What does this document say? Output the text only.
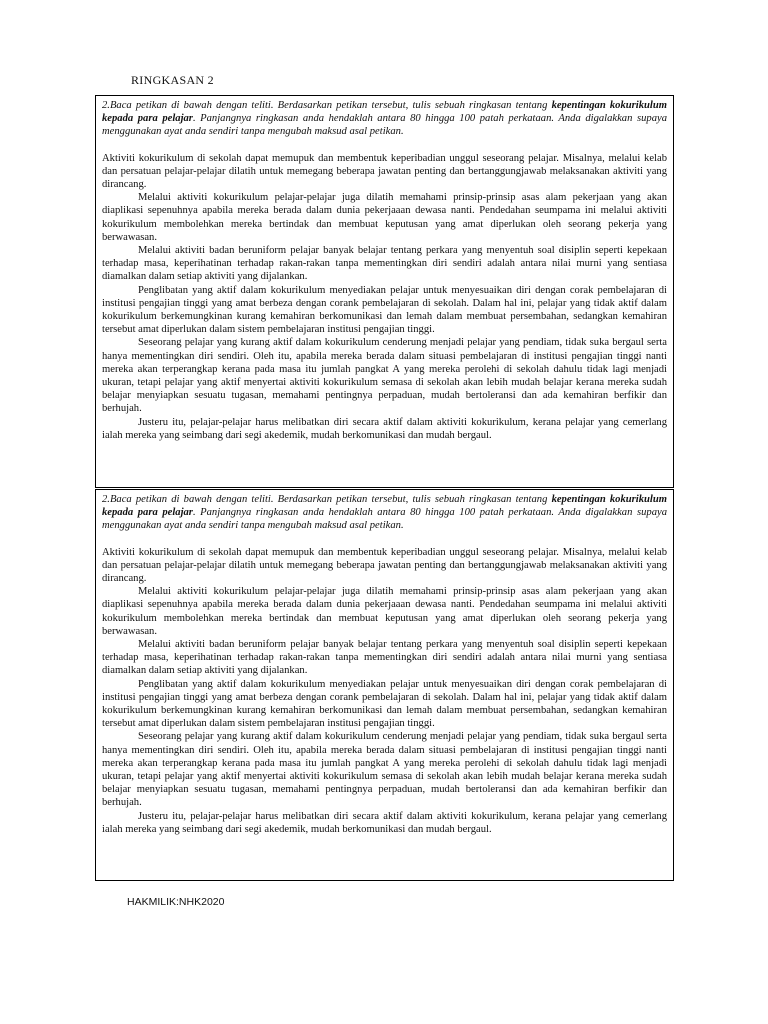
RINGKASAN 2

2.Baca petikan di bawah dengan teliti. Berdasarkan petikan tersebut, tulis sebuah ringkasan tentang kepentingan kokurikulum kepada para pelajar. Panjangnya ringkasan anda hendaklah antara 80 hingga 100 patah perkataan. Anda digalakkan supaya menggunakan ayat anda sendiri tanpa mengubah maksud asal petikan.

Aktiviti kokurikulum di sekolah dapat memupuk dan membentuk keperibadian unggul seseorang pelajar. Misalnya, melalui kelab dan persatuan pelajar-pelajar dilatih untuk memegang beberapa jawatan penting dan bertanggungjawab melaksanakan aktiviti yang dirancang.

Melalui aktiviti kokurikulum pelajar-pelajar juga dilatih memahami prinsip-prinsip asas alam pekerjaan yang akan diaplikasi sepenuhnya apabila mereka berada dalam dunia pekerjaaan dewasa nanti. Pendedahan seumpama ini melalui aktiviti kokurikulum membolehkan mereka bertindak dan membuat keputusan yang amat diperlukan oleh seorang pekerja yang berwawasan.

Melalui aktiviti badan beruniform pelajar banyak belajar tentang perkara yang menyentuh soal disiplin seperti kepekaan terhadap masa, keperihatinan terhadap rakan-rakan tanpa mementingkan diri sendiri adalah antara nilai murni yang sentiasa diamalkan dalam setiap aktiviti yang dijalankan.

Penglibatan yang aktif dalam kokurikulum menyediakan pelajar untuk menyesuaikan diri dengan corak pembelajaran di institusi pengajian tinggi yang amat berbeza dengan corank pembelajaran di sekolah. Dalam hal ini, pelajar yang tidak aktif dalam kokurikulum berkemungkinan kurang kemahiran berkomunikasi dan lemah dalam membuat persembahan, sedangkan kemahiran tersebut amat diperlukan dalam sistem pembelajaran institusi pengajian tinggi.

Seseorang pelajar yang kurang aktif dalam kokurikulum cenderung menjadi pelajar yang pendiam, tidak suka bergaul serta hanya mementingkan diri sendiri. Oleh itu, apabila mereka berada dalam situasi pembelajaran di institusi pengajian tinggi nanti mereka akan terperangkap kerana pada masa itu jumlah pangkat A yang mereka perolehi di sekolah dahulu tidak lagi menjadi ukuran, tetapi pelajar yang aktif menyertai aktiviti kokurikulum semasa di sekolah akan lebih mudah belajar kerana mereka sudah belajar menyiapkan sesuatu tugasan, memahami pentingnya perpaduan, mudah bertoleransi dan ada kemahiran berfikir dan berhujah.

Justeru itu, pelajar-pelajar harus melibatkan diri secara aktif dalam aktiviti kokurikulum, kerana pelajar yang cemerlang ialah mereka yang seimbang dari segi akedemik, mudah berkomunikasi dan mudah bergaul.

2.Baca petikan di bawah dengan teliti. Berdasarkan petikan tersebut, tulis sebuah ringkasan tentang kepentingan kokurikulum kepada para pelajar. Panjangnya ringkasan anda hendaklah antara 80 hingga 100 patah perkataan. Anda digalakkan supaya menggunakan ayat anda sendiri tanpa mengubah maksud asal petikan.

Aktiviti kokurikulum di sekolah dapat memupuk dan membentuk keperibadian unggul seseorang pelajar. Misalnya, melalui kelab dan persatuan pelajar-pelajar dilatih untuk memegang beberapa jawatan penting dan bertanggungjawab melaksanakan aktiviti yang dirancang.

Melalui aktiviti kokurikulum pelajar-pelajar juga dilatih memahami prinsip-prinsip asas alam pekerjaan yang akan diaplikasi sepenuhnya apabila mereka berada dalam dunia pekerjaaan dewasa nanti. Pendedahan seumpama ini melalui aktiviti kokurikulum membolehkan mereka bertindak dan membuat keputusan yang amat diperlukan oleh seorang pekerja yang berwawasan.

Melalui aktiviti badan beruniform pelajar banyak belajar tentang perkara yang menyentuh soal disiplin seperti kepekaan terhadap masa, keperihatinan terhadap rakan-rakan tanpa mementingkan diri sendiri adalah antara nilai murni yang sentiasa diamalkan dalam setiap aktiviti yang dijalankan.

Penglibatan yang aktif dalam kokurikulum menyediakan pelajar untuk menyesuaikan diri dengan corak pembelajaran di institusi pengajian tinggi yang amat berbeza dengan corank pembelajaran di sekolah. Dalam hal ini, pelajar yang tidak aktif dalam kokurikulum berkemungkinan kurang kemahiran berkomunikasi dan lemah dalam membuat persembahan, sedangkan kemahiran tersebut amat diperlukan dalam sistem pembelajaran institusi pengajian tinggi.

Seseorang pelajar yang kurang aktif dalam kokurikulum cenderung menjadi pelajar yang pendiam, tidak suka bergaul serta hanya mementingkan diri sendiri. Oleh itu, apabila mereka berada dalam situasi pembelajaran di institusi pengajian tinggi nanti mereka akan terperangkap kerana pada masa itu jumlah pangkat A yang mereka perolehi di sekolah dahulu tidak lagi menjadi ukuran, tetapi pelajar yang aktif menyertai aktiviti kokurikulum semasa di sekolah akan lebih mudah belajar kerana mereka sudah belajar menyiapkan sesuatu tugasan, memahami pentingnya perpaduan, mudah bertoleransi dan ada kemahiran berfikir dan berhujah.

Justeru itu, pelajar-pelajar harus melibatkan diri secara aktif dalam aktiviti kokurikulum, kerana pelajar yang cemerlang ialah mereka yang seimbang dari segi akedemik, mudah berkomunikasi dan mudah bergaul.

HAKMILIK:NHK2020
